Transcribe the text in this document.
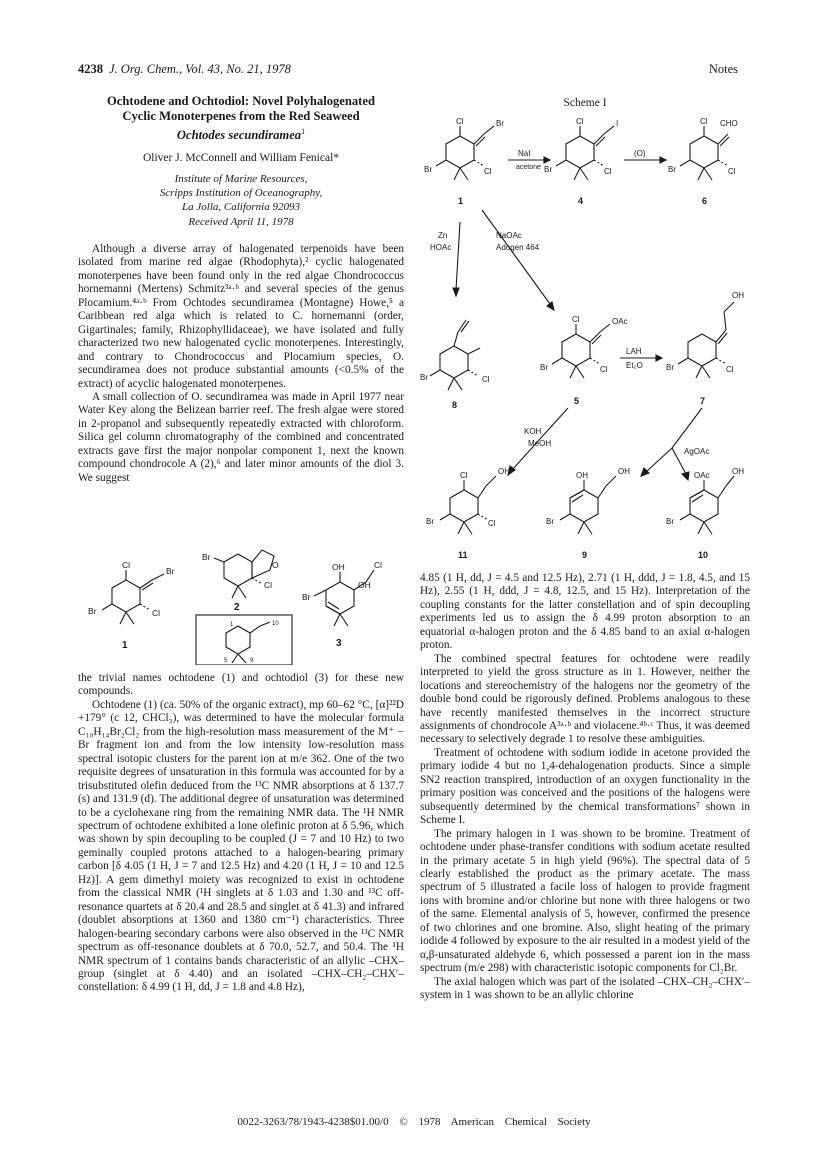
4238 J. Org. Chem., Vol. 43, No. 21, 1978	Notes
Ochtodene and Ochtodiol: Novel Polyhalogenated
Cyclic Monoterpenes from the Red Seaweed
Ochtodes secundiramea$^1$
Oliver J. McConnell and William Fenical*
Institute of Marine Resources,
Scripps Institution of Oceanography,
La Jolla, California 92093
Received April 11, 1978

Although a diverse array of halogenated terpenoids have been isolated from marine red algae (Rhodophyta),² cyclic halogenated monoterpenes have been found only in the red algae Chondrococcus hornemanni (Mertens) Schmitz³ᵃ·ᵇ and several species of the genus Plocamium.⁴ᵃ·ᵇ From Ochtodes secundiramea (Montagne) Howe,⁵ a Caribbean red alga which is related to C. hornemanni (order, Gigartinales; family, Rhizophyllidaceae), we have isolated and fully characterized two new halogenated cyclic monoterpenes. Interestingly, and contrary to Chondrococcus and Plocamium species, O. secundiramea does not produce substantial amounts (<0.5% of the extract) of acyclic halogenated monoterpenes.

A small collection of O. secundiramea was made in April 1977 near Water Key along the Belizean barrier reef. The fresh algae were stored in 2-propanol and subsequently repeatedly extracted with chloroform. Silica gel column chromatography of the combined and concentrated extracts gave first the major nonpolar component 1, next the known compound chondrocole A (2),⁶ and later minor amounts of the diol 3. We suggest

Cl
Br
Cl
Br
1
Br
Cl
O
2
1	10
5	9
OH	Cl
OH
Br
3

the trivial names ochtodene (1) and ochtodiol (3) for these new compounds.

Ochtodene (1) (ca. 50% of the organic extract), mp 60–62 °C, [α]²²D +179° (c 12, CHCl₃), was determined to have the molecular formula C₁₀H₁₄Br₂Cl₂ from the high-resolution mass measurement of the M⁺ − Br fragment ion and from the low intensity low-resolution mass spectral isotopic clusters for the parent ion at m/e 362. One of the two requisite degrees of unsaturation in this formula was accounted for by a trisubstituted olefin deduced from the ¹³C NMR absorptions at δ 137.7 (s) and 131.9 (d). The additional degree of unsaturation was determined to be a cyclohexane ring from the remaining NMR data. The ¹H NMR spectrum of ochtodene exhibited a lone olefinic proton at δ 5.96, which was shown by spin decoupling to be coupled (J = 7 and 10 Hz) to two geminally coupled protons attached to a halogen-bearing primary carbon [δ 4.05 (1 H, J = 7 and 12.5 Hz) and 4.20 (1 H, J = 10 and 12.5 Hz)]. A gem dimethyl moiety was recognized to exist in ochtodene from the classical NMR (¹H singlets at δ 1.03 and 1.30 and ¹³C off-resonance quartets at δ 20.4 and 28.5 and singlet at δ 41.3) and infrared (doublet absorptions at 1360 and 1380 cm⁻¹) characteristics. Three halogen-bearing secondary carbons were also observed in the ¹³C NMR spectrum as off-resonance doublets at δ 70.0, 52.7, and 50.4. The ¹H NMR spectrum of 1 contains bands characteristic of an allylic –CHX– group (singlet at δ 4.40) and an isolated –CHX–CH₂–CHX′– constellation: δ 4.99 (1 H, dd, J = 1.8 and 4.8 Hz),

Scheme I
Cl	Br
Cl
Br
1
NaI
acetone
Cl	I
Cl
Br
4
(O)
Cl CHO
Cl
Br
6
Zn
HOAc
NaOAc
Adogen 464
Br	Cl
8
Cl	OAc
Cl
Br
5
LAH
Et₂O
OH
Cl
Br
7
KOH
MeOH
AgOAc
Cl	OH
Cl
Br
11
OH	OH
Br
9
OAc	OH
Br
10

4.85 (1 H, dd, J = 4.5 and 12.5 Hz), 2.71 (1 H, ddd, J = 1.8, 4.5, and 15 Hz), 2.55 (1 H, ddd, J = 4.8, 12.5, and 15 Hz). Interpretation of the coupling constants for the latter constellation and of spin decoupling experiments led us to assign the δ 4.99 proton absorption to an equatorial α-halogen proton and the δ 4.85 band to an axial α-halogen proton.

The combined spectral features for ochtodene were readily interpreted to yield the gross structure as in 1. However, neither the locations and stereochemistry of the halogens nor the geometry of the double bond could be rigorously defined. Problems analogous to these have recently manifested themselves in the incorrect structure assignments of chondrocole A³ᵃ·ᵇ and violacene.⁴ᵇ·ᶜ Thus, it was deemed necessary to selectively degrade 1 to resolve these ambiguities.

Treatment of ochtodene with sodium iodide in acetone provided the primary iodide 4 but no 1,4-dehalogenation products. Since a simple SN2 reaction transpired, introduction of an oxygen functionality in the primary position was conceived and the positions of the halogens were subsequently determined by the chemical transformations⁷ shown in Scheme I.

The primary halogen in 1 was shown to be bromine. Treatment of ochtodene under phase-transfer conditions with sodium acetate resulted in the primary acetate 5 in high yield (96%). The spectral data of 5 clearly established the product as the primary acetate. The mass spectrum of 5 illustrated a facile loss of halogen to provide fragment ions with bromine and/or chlorine but none with three halogens or two of the same. Elemental analysis of 5, however, confirmed the presence of two chlorines and one bromine. Also, slight heating of the primary iodide 4 followed by exposure to the air resulted in a modest yield of the α,β-unsaturated aldehyde 6, which possessed a parent ion in the mass spectrum (m/e 298) with characteristic isotopic components for Cl₂Br.

The axial halogen which was part of the isolated –CHX–CH₂–CHX′– system in 1 was shown to be an allylic chlorine

0022-3263/78/1943-4238$01.00/0 © 1978 American Chemical Society
